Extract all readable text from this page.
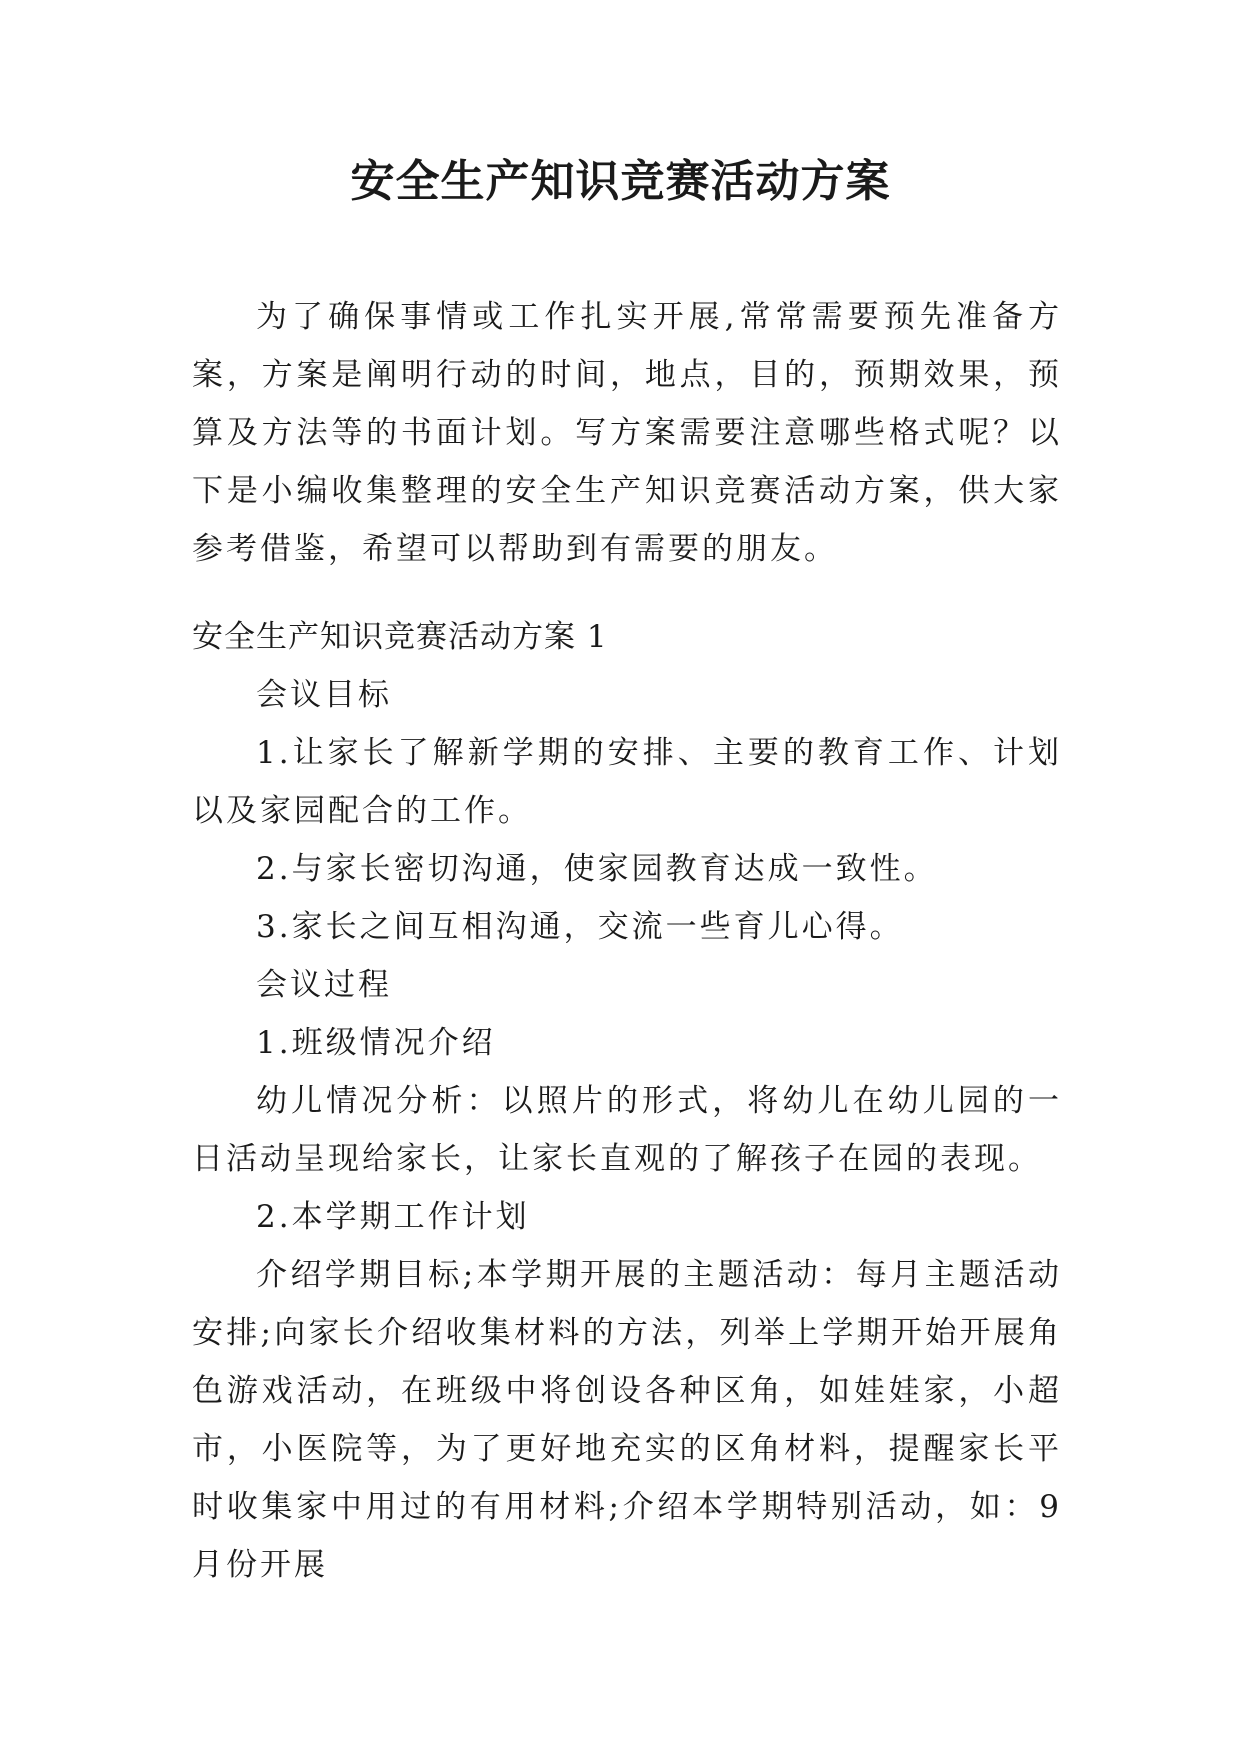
安全生产知识竞赛活动方案

为了确保事情或工作扎实开展,常常需要预先准备方案，方案是阐明行动的时间，地点，目的，预期效果，预算及方法等的书面计划。写方案需要注意哪些格式呢？以下是小编收集整理的安全生产知识竞赛活动方案，供大家参考借鉴，希望可以帮助到有需要的朋友。

安全生产知识竞赛活动方案 1

会议目标

1.让家长了解新学期的安排、主要的教育工作、计划以及家园配合的工作。

2.与家长密切沟通，使家园教育达成一致性。

3.家长之间互相沟通，交流一些育儿心得。

会议过程

1.班级情况介绍

幼儿情况分析：以照片的形式，将幼儿在幼儿园的一日活动呈现给家长，让家长直观的了解孩子在园的表现。

2.本学期工作计划

介绍学期目标;本学期开展的主题活动：每月主题活动安排;向家长介绍收集材料的方法，列举上学期开始开展角色游戏活动，在班级中将创设各种区角，如娃娃家，小超市，小医院等，为了更好地充实的区角材料，提醒家长平时收集家中用过的有用材料;介绍本学期特别活动，如：9月份开展
